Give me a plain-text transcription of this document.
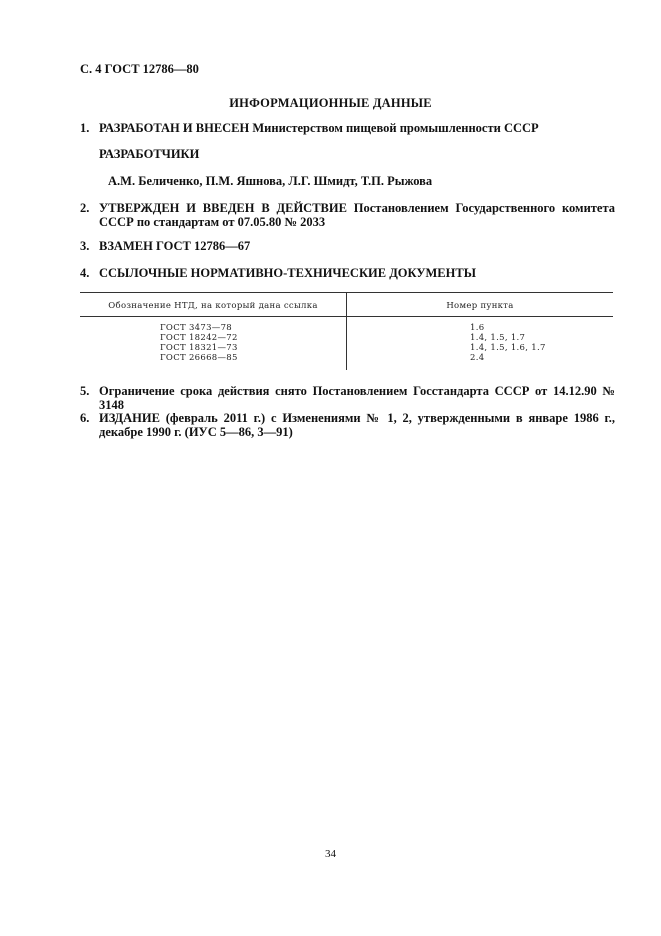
С. 4 ГОСТ 12786—80
ИНФОРМАЦИОННЫЕ ДАННЫЕ
1. РАЗРАБОТАН И ВНЕСЕН Министерством пищевой промышленности СССР
РАЗРАБОТЧИКИ
А.М. Беличенко, П.М. Яшнова, Л.Г. Шмидт, Т.П. Рыжова
2. УТВЕРЖДЕН И ВВЕДЕН В ДЕЙСТВИЕ Постановлением Государственного комитета СССР по стандартам от 07.05.80 № 2033
3. ВЗАМЕН ГОСТ 12786—67
4. ССЫЛОЧНЫЕ НОРМАТИВНО-ТЕХНИЧЕСКИЕ ДОКУМЕНТЫ
Обозначение НТД, на который дана ссылка	Номер пункта
ГОСТ 3473—78
ГОСТ 18242—72
ГОСТ 18321—73
ГОСТ 26668—85
1.6
1.4, 1.5, 1.7
1.4, 1.5, 1.6, 1.7
2.4
5. Ограничение срока действия снято Постановлением Госстандарта СССР от 14.12.90 № 3148
6. ИЗДАНИЕ (февраль 2011 г.) с Изменениями № 1, 2, утвержденными в январе 1986 г., декабре 1990 г. (ИУС 5—86, 3—91)
34
